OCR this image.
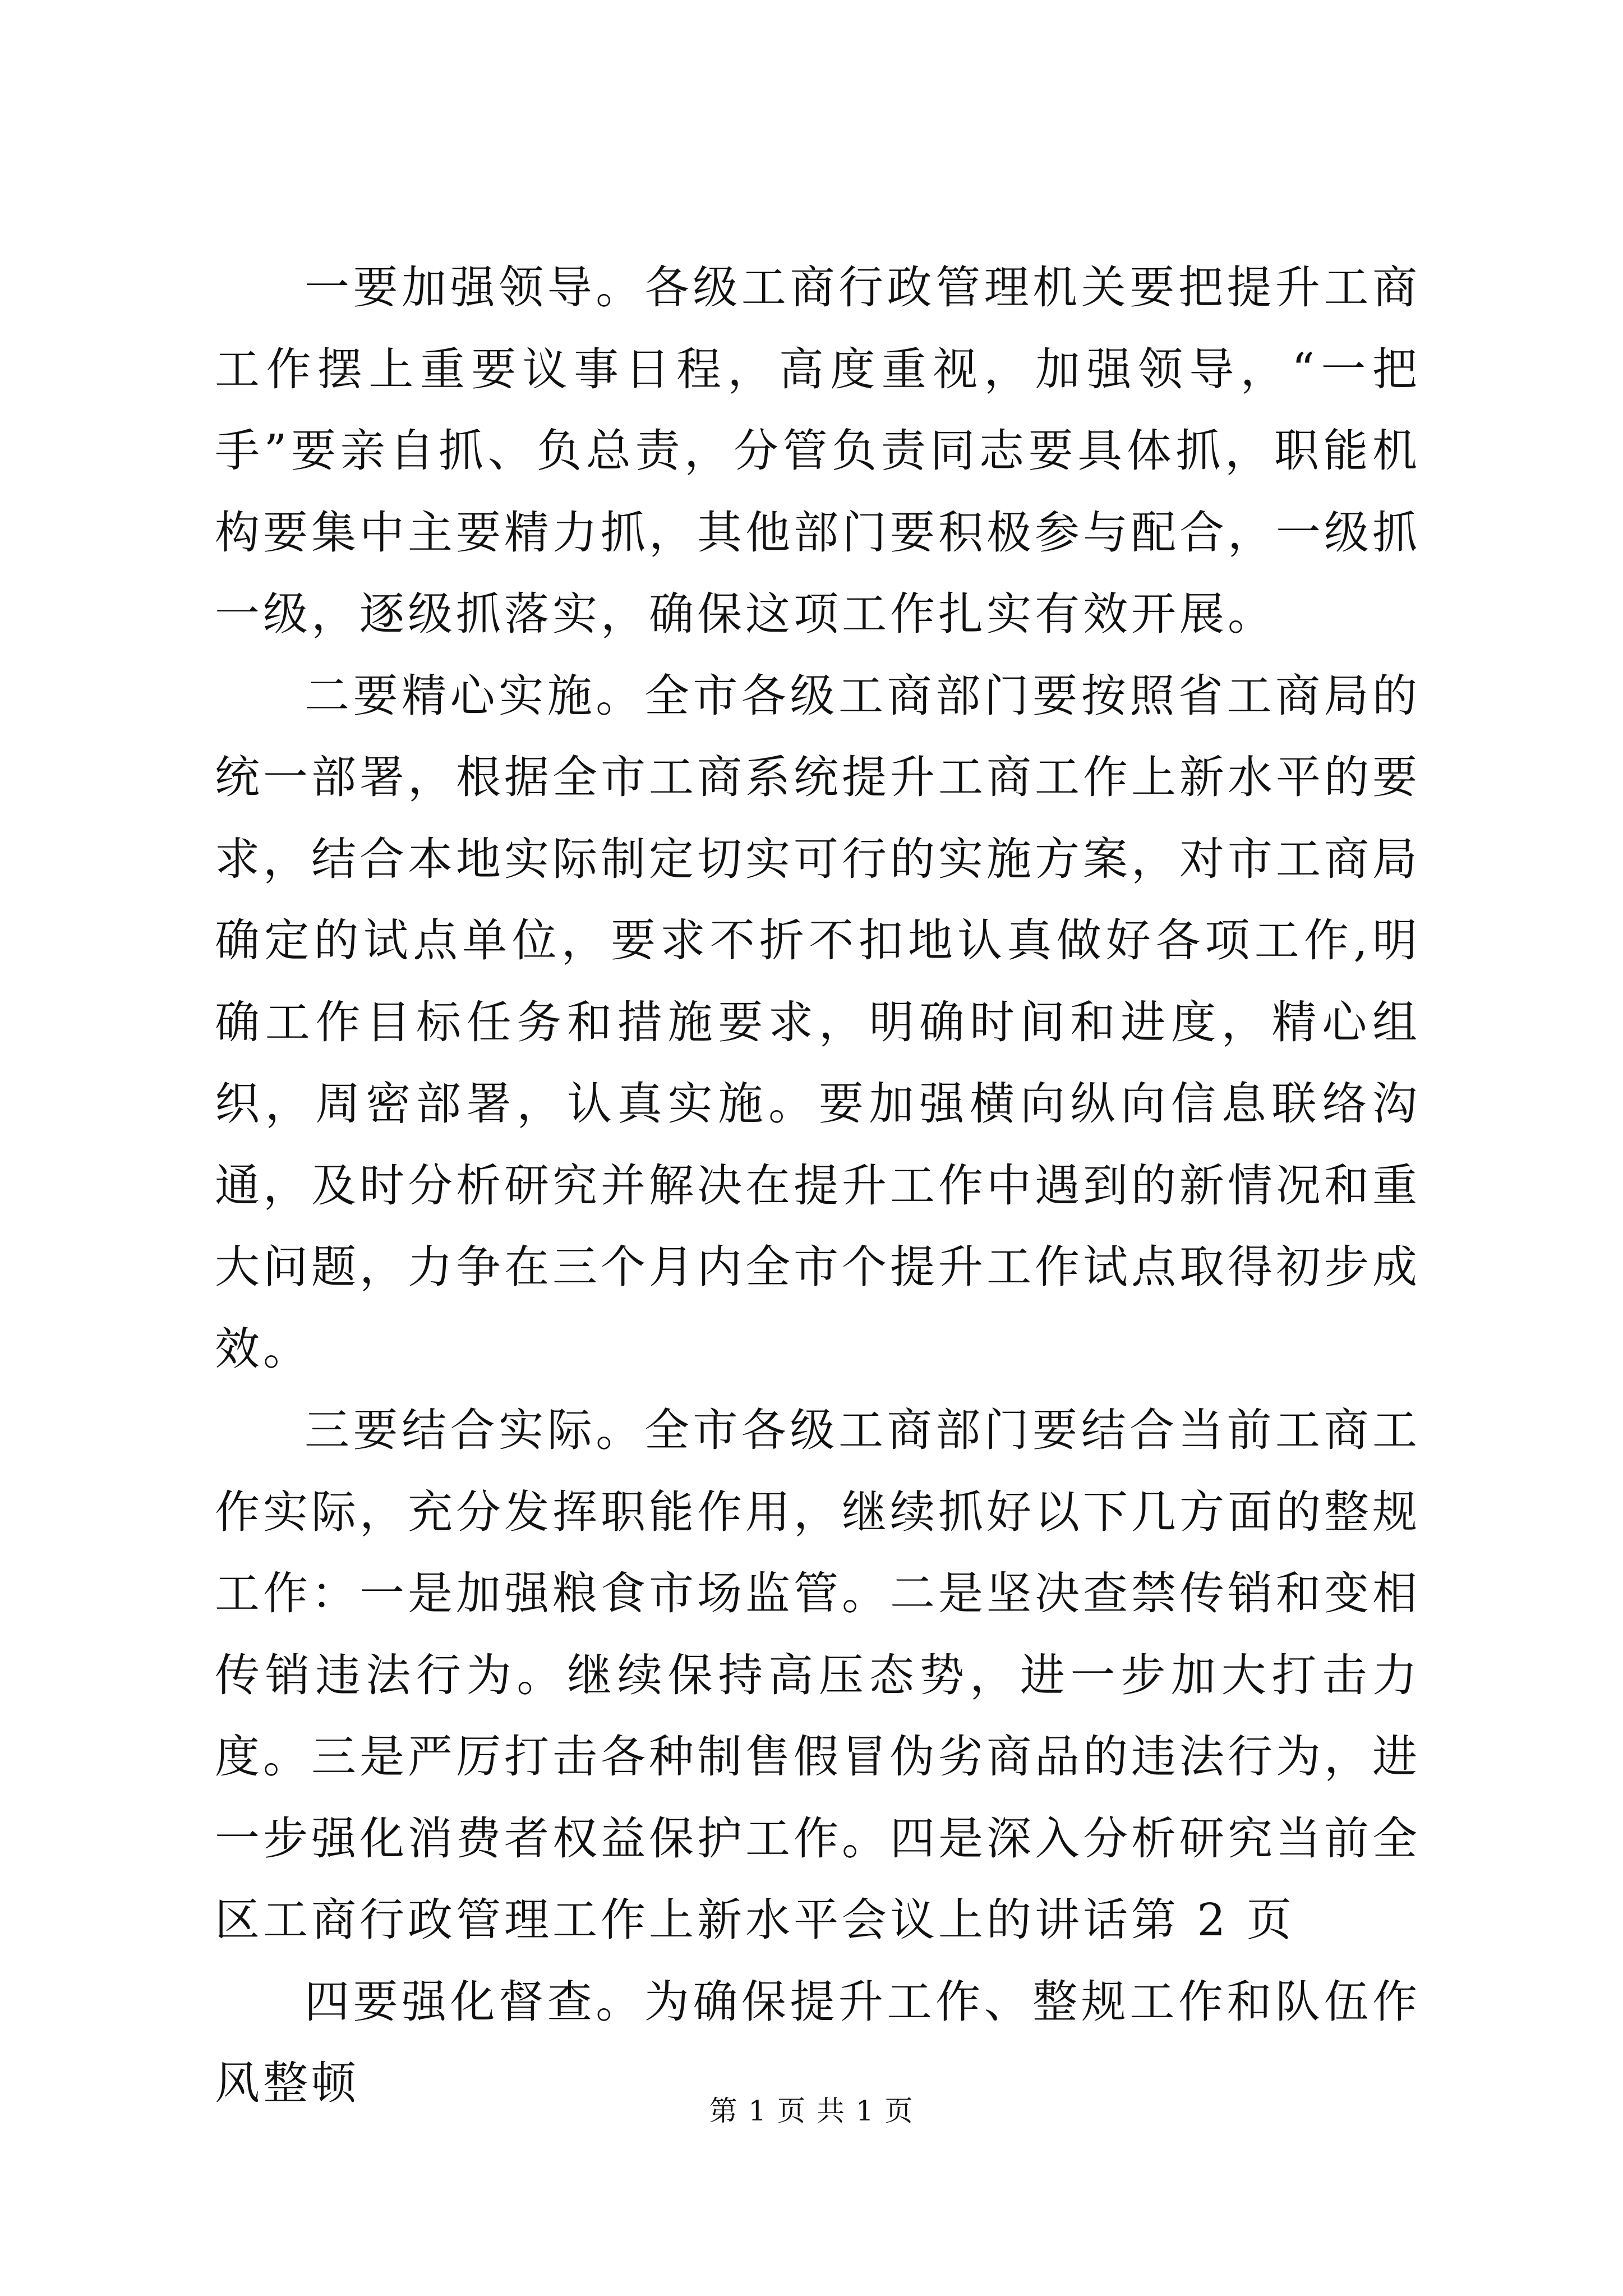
一要加强领导。各级工商行政管理机关要把提升工商工作摆上重要议事日程，高度重视，加强领导，“一把手”要亲自抓、负总责，分管负责同志要具体抓，职能机构要集中主要精力抓，其他部门要积极参与配合，一级抓一级，逐级抓落实，确保这项工作扎实有效开展。

二要精心实施。全市各级工商部门要按照省工商局的统一部署，根据全市工商系统提升工商工作上新水平的要求，结合本地实际制定切实可行的实施方案，对市工商局确定的试点单位，要求不折不扣地认真做好各项工作,明确工作目标任务和措施要求，明确时间和进度，精心组织，周密部署，认真实施。要加强横向纵向信息联络沟通，及时分析研究并解决在提升工作中遇到的新情况和重大问题，力争在三个月内全市个提升工作试点取得初步成效。

三要结合实际。全市各级工商部门要结合当前工商工作实际，充分发挥职能作用，继续抓好以下几方面的整规工作：一是加强粮食市场监管。二是坚决查禁传销和变相传销违法行为。继续保持高压态势，进一步加大打击力度。三是严厉打击各种制售假冒伪劣商品的违法行为，进一步强化消费者权益保护工作。四是深入分析研究当前全区工商行政管理工作上新水平会议上的讲话第 2 页

四要强化督查。为确保提升工作、整规工作和队伍作风整顿

第 1 页 共 1 页
